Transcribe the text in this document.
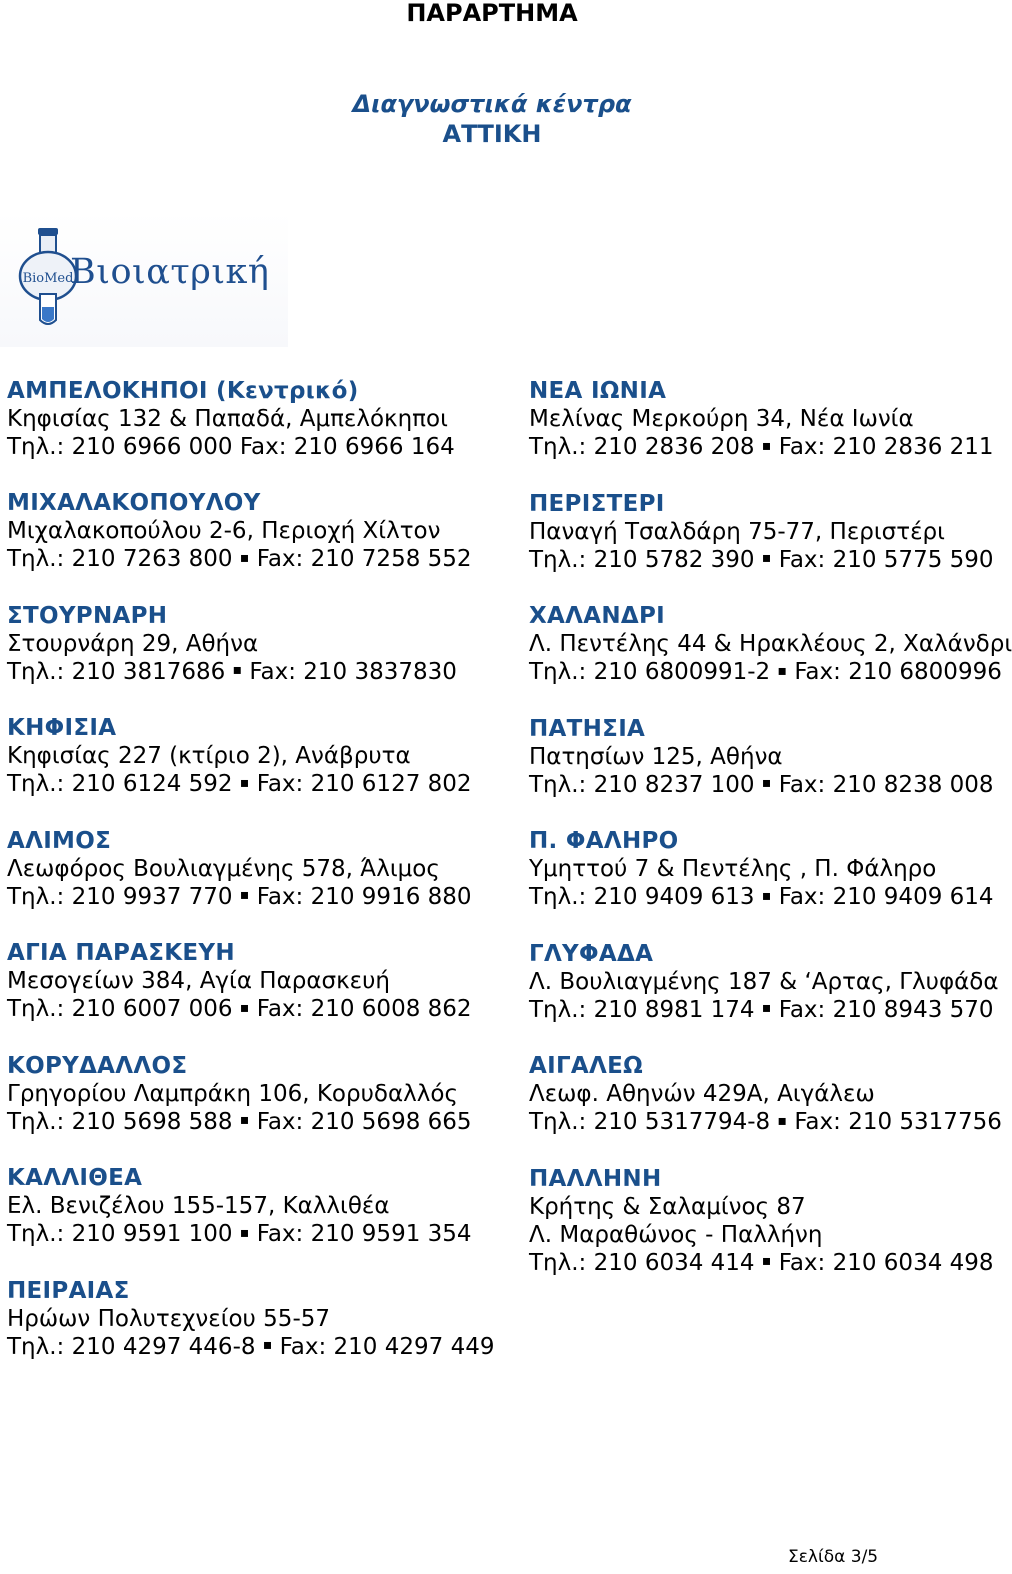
ΠΑΡΑΡΤΗΜΑ
Διαγνωστικά κέντρα
ΑΤΤΙΚΗ
BioMed
Βιοιατρική
ΑΜΠΕΛΟΚΗΠΟΙ (Κεντρικό)
Κηφισίας 132 & Παπαδά, Αμπελόκηποι
Τηλ.: 210 6966 000 Fax: 210 6966 164
ΜΙΧΑΛΑΚΟΠΟΥΛΟΥ
Μιχαλακοπούλου 2-6, Περιοχή Χίλτον
Τηλ.: 210 7263 800 ▪ Fax: 210 7258 552
ΣΤΟΥΡΝΑΡΗ
Στουρνάρη 29, Αθήνα
Τηλ.: 210 3817686 ▪ Fax: 210 3837830
ΚΗΦΙΣΙΑ
Κηφισίας 227 (κτίριο 2), Ανάβρυτα
Τηλ.: 210 6124 592 ▪ Fax: 210 6127 802
ΑΛΙΜΟΣ
Λεωφόρος Βουλιαγμένης 578, Άλιμος
Τηλ.: 210 9937 770 ▪ Fax: 210 9916 880
ΑΓΙΑ ΠΑΡΑΣΚΕΥΗ
Μεσογείων 384, Αγία Παρασκευή
Τηλ.: 210 6007 006 ▪ Fax: 210 6008 862
ΚΟΡΥΔΑΛΛΟΣ
Γρηγορίου Λαμπράκη 106, Κορυδαλλός
Τηλ.: 210 5698 588 ▪ Fax: 210 5698 665
ΚΑΛΛΙΘΕΑ
Ελ. Βενιζέλου 155-157, Καλλιθέα
Τηλ.: 210 9591 100 ▪ Fax: 210 9591 354
ΠΕΙΡΑΙΑΣ
Ηρώων Πολυτεχνείου 55-57
Τηλ.: 210 4297 446-8 ▪ Fax: 210 4297 449
ΝΕΑ ΙΩΝΙΑ
Μελίνας Μερκούρη 34, Νέα Ιωνία
Τηλ.: 210 2836 208 ▪ Fax: 210 2836 211
ΠΕΡΙΣΤΕΡΙ
Παναγή Τσαλδάρη 75-77, Περιστέρι
Τηλ.: 210 5782 390 ▪ Fax: 210 5775 590
ΧΑΛΑΝΔΡΙ
Λ. Πεντέλης 44 & Ηρακλέους 2, Χαλάνδρι
Τηλ.: 210 6800991-2 ▪ Fax: 210 6800996
ΠΑΤΗΣΙΑ
Πατησίων 125, Αθήνα
Τηλ.: 210 8237 100 ▪ Fax: 210 8238 008
Π. ΦΑΛΗΡΟ
Υμηττού 7 & Πεντέλης , Π. Φάληρο
Τηλ.: 210 9409 613 ▪ Fax: 210 9409 614
ΓΛΥΦΑΔΑ
Λ. Βουλιαγμένης 187 & ‘Αρτας, Γλυφάδα
Τηλ.: 210 8981 174 ▪ Fax: 210 8943 570
ΑΙΓΑΛΕΩ
Λεωφ. Αθηνών 429Α, Αιγάλεω
Τηλ.: 210 5317794-8 ▪ Fax: 210 5317756
ΠΑΛΛΗΝΗ
Κρήτης & Σαλαμίνος 87
Λ. Μαραθώνος - Παλλήνη
Τηλ.: 210 6034 414 ▪ Fax: 210 6034 498
Σελίδα 3/5
